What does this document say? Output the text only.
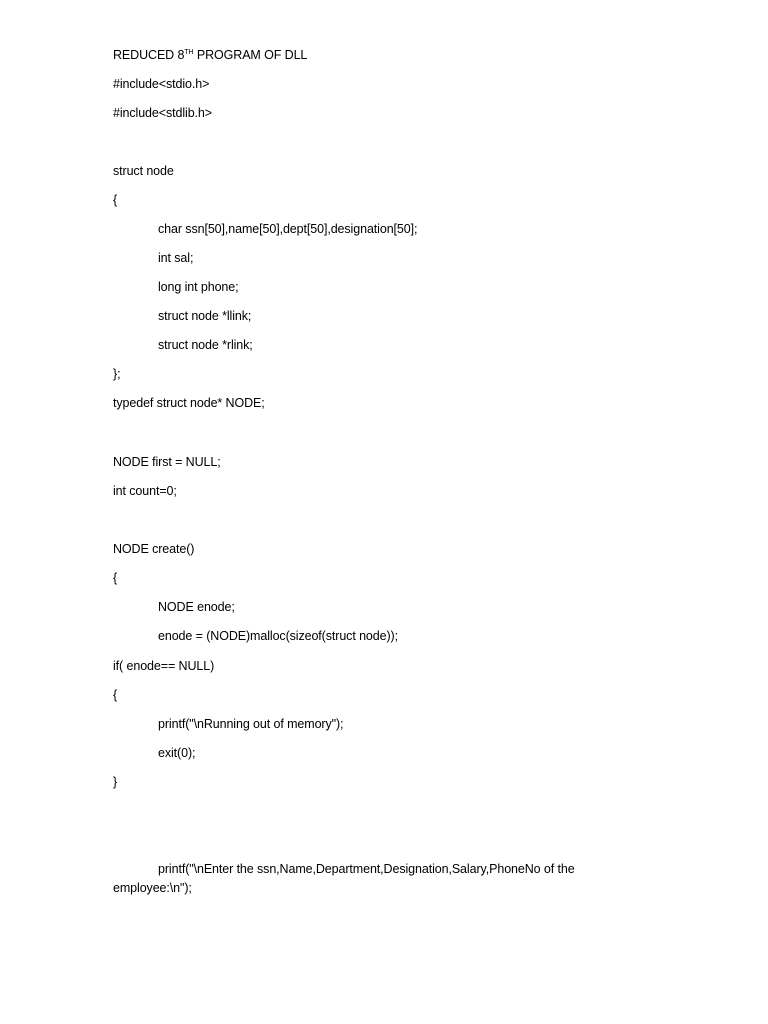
REDUCED 8TH PROGRAM OF DLL
#include<stdio.h>
#include<stdlib.h>
struct node
{
char ssn[50],name[50],dept[50],designation[50];
int sal;
long int phone;
struct node *llink;
struct node *rlink;
};
typedef struct node* NODE;
NODE first = NULL;
int count=0;
NODE create()
{
NODE enode;
enode = (NODE)malloc(sizeof(struct node));
if( enode== NULL)
{
printf("\nRunning out of memory");
exit(0);
}
printf("\nEnter the ssn,Name,Department,Designation,Salary,PhoneNo of the employee:\n");
